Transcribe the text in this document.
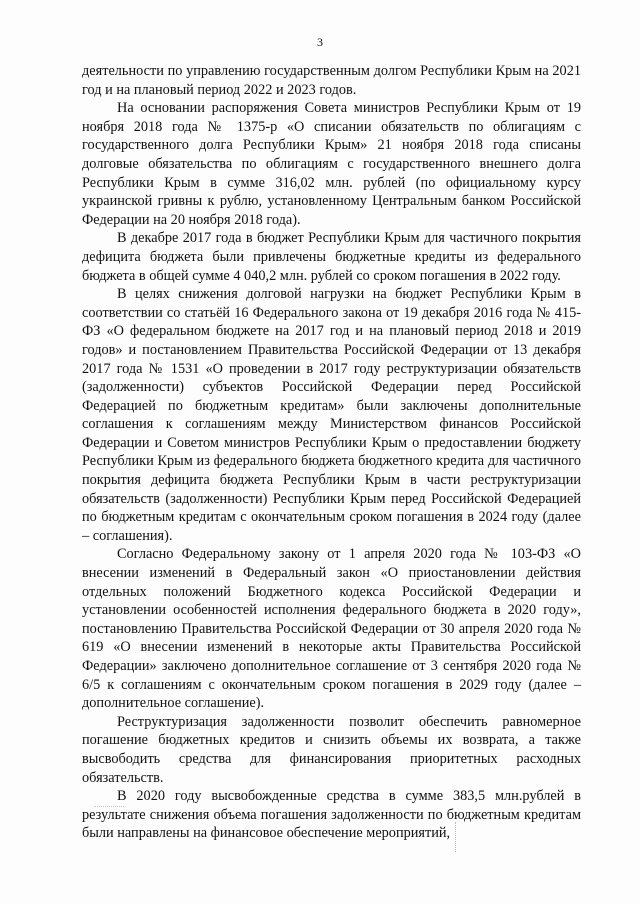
3

деятельности по управлению государственным долгом Республики Крым на 2021 год и на плановый период 2022 и 2023 годов.

На основании распоряжения Совета министров Республики Крым от 19 ноября 2018 года № 1375-р «О списании обязательств по облигациям с государственного долга Республики Крым» 21 ноября 2018 года списаны долговые обязательства по облигациям с государственного внешнего долга Республики Крым в сумме 316,02 млн. рублей (по официальному курсу украинской гривны к рублю, установленному Центральным банком Российской Федерации на 20 ноября 2018 года).

В декабре 2017 года в бюджет Республики Крым для частичного покрытия дефицита бюджета были привлечены бюджетные кредиты из федерального бюджета в общей сумме 4 040,2 млн. рублей со сроком погашения в 2022 году.

В целях снижения долговой нагрузки на бюджет Республики Крым в соответствии со статьёй 16 Федерального закона от 19 декабря 2016 года № 415-ФЗ «О федеральном бюджете на 2017 год и на плановый период 2018 и 2019 годов» и постановлением Правительства Российской Федерации от 13 декабря 2017 года № 1531 «О проведении в 2017 году реструктуризации обязательств (задолженности) субъектов Российской Федерации перед Российской Федерацией по бюджетным кредитам» были заключены дополнительные соглашения к соглашениям между Министерством финансов Российской Федерации и Советом министров Республики Крым о предоставлении бюджету Республики Крым из федерального бюджета бюджетного кредита для частичного покрытия дефицита бюджета Республики Крым в части реструктуризации обязательств (задолженности) Республики Крым перед Российской Федерацией по бюджетным кредитам с окончательным сроком погашения в 2024 году (далее – соглашения).

Согласно Федеральному закону от 1 апреля 2020 года № 103-ФЗ «О внесении изменений в Федеральный закон «О приостановлении действия отдельных положений Бюджетного кодекса Российской Федерации и установлении особенностей исполнения федерального бюджета в 2020 году», постановлению Правительства Российской Федерации от 30 апреля 2020 года № 619 «О внесении изменений в некоторые акты Правительства Российской Федерации» заключено дополнительное соглашение от 3 сентября 2020 года № 6/5 к соглашениям с окончательным сроком погашения в 2029 году (далее – дополнительное соглашение).

Реструктуризация задолженности позволит обеспечить равномерное погашение бюджетных кредитов и снизить объемы их возврата, а также высвободить средства для финансирования приоритетных расходных обязательств.

В 2020 году высвобожденные средства в сумме 383,5 млн.рублей в результате снижения объема погашения задолженности по бюджетным кредитам были направлены на финансовое обеспечение мероприятий,
